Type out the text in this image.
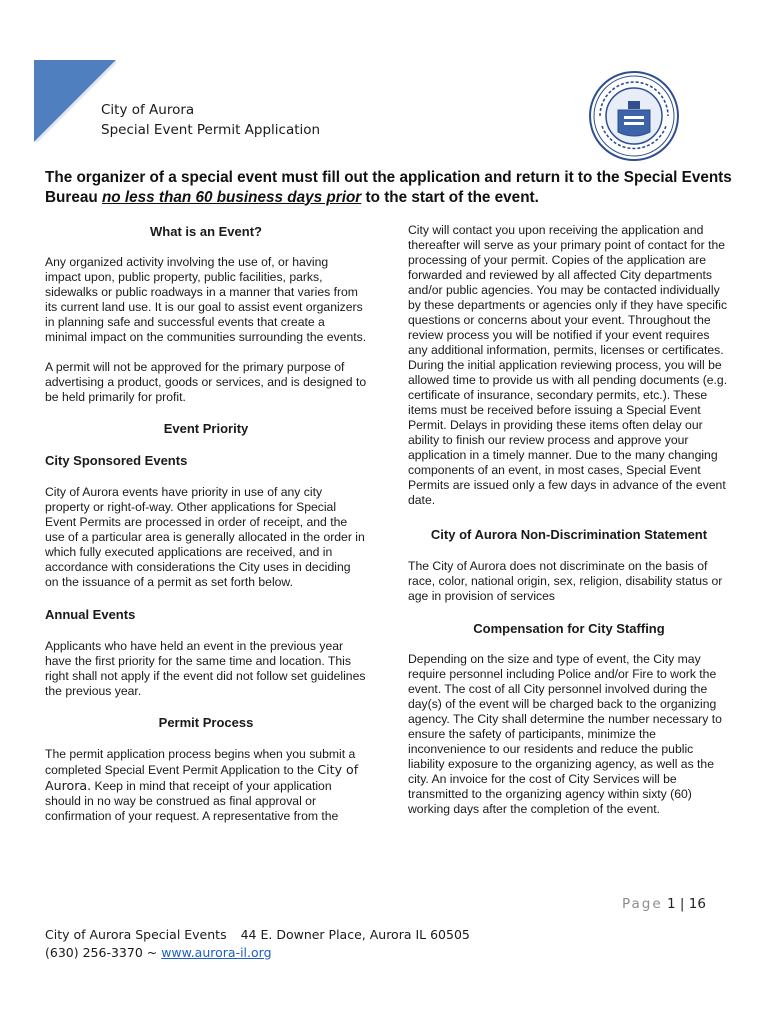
City of Aurora
Special Event Permit Application
The organizer of a special event must fill out the application and return it to the Special Events Bureau no less than 60 business days prior to the start of the event.

What is an Event?

Any organized activity involving the use of, or having impact upon, public property, public facilities, parks, sidewalks or public roadways in a manner that varies from its current land use. It is our goal to assist event organizers in planning safe and successful events that create a minimal impact on the communities surrounding the events.

A permit will not be approved for the primary purpose of advertising a product, goods or services, and is designed to be held primarily for profit.

Event Priority

City Sponsored Events

City of Aurora events have priority in use of any city property or right-of-way. Other applications for Special Event Permits are processed in order of receipt, and the use of a particular area is generally allocated in the order in which fully executed applications are received, and in accordance with considerations the City uses in deciding on the issuance of a permit as set forth below.

Annual Events

Applicants who have held an event in the previous year have the first priority for the same time and location. This right shall not apply if the event did not follow set guidelines the previous year.

Permit Process

The permit application process begins when you submit a completed Special Event Permit Application to the City of Aurora. Keep in mind that receipt of your application should in no way be construed as final approval or confirmation of your request. A representative from the

City will contact you upon receiving the application and thereafter will serve as your primary point of contact for the processing of your permit. Copies of the application are forwarded and reviewed by all affected City departments and/or public agencies. You may be contacted individually by these departments or agencies only if they have specific questions or concerns about your event. Throughout the review process you will be notified if your event requires any additional information, permits, licenses or certificates. During the initial application reviewing process, you will be allowed time to provide us with all pending documents (e.g. certificate of insurance, secondary permits, etc.). These items must be received before issuing a Special Event Permit. Delays in providing these items often delay our ability to finish our review process and approve your application in a timely manner. Due to the many changing components of an event, in most cases, Special Event Permits are issued only a few days in advance of the event date.

City of Aurora Non-Discrimination Statement

The City of Aurora does not discriminate on the basis of race, color, national origin, sex, religion, disability status or age in provision of services

Compensation for City Staffing

Depending on the size and type of event, the City may require personnel including Police and/or Fire to work the event. The cost of all City personnel involved during the day(s) of the event will be charged back to the organizing agency. The City shall determine the number necessary to ensure the safety of participants, minimize the inconvenience to our residents and reduce the public liability exposure to the organizing agency, as well as the city. An invoice for the cost of City Services will be transmitted to the organizing agency within sixty (60) working days after the completion of the event.

Page 1 | 16
City of Aurora Special Events 44 E. Downer Place, Aurora IL 60505
(630) 256-3370 ~ www.aurora-il.org
